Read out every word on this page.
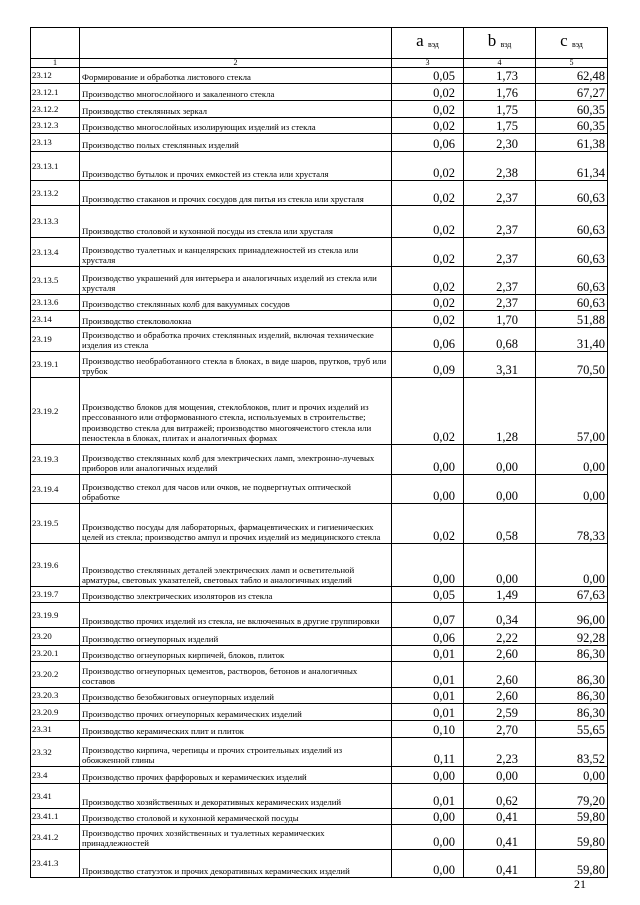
		a $_{вэд}$	b $_{вэд}$	c $_{вэд}$
1	2	3	4	5
23.12	Формирование и обработка листового стекла	0,05	1,73	62,48
23.12.1	Производство многослойного и закаленного стекла	0,02	1,76	67,27
23.12.2	Производство стеклянных зеркал	0,02	1,75	60,35
23.12.3	Производство многослойных изолирующих изделий из стекла	0,02	1,75	60,35
23.13	Производство полых стеклянных изделий	0,06	2,30	61,38
23.13.1	Производство бутылок и прочих емкостей из стекла или хрусталя	0,02	2,38	61,34
23.13.2	Производство стаканов и прочих сосудов для питья из стекла или хрусталя	0,02	2,37	60,63
23.13.3	Производство столовой и кухонной посуды из стекла или хрусталя	0,02	2,37	60,63
23.13.4	Производство туалетных и канцелярских принадлежностей из стекла или хрусталя	0,02	2,37	60,63
23.13.5	Производство украшений для интерьера и аналогичных изделий из стекла или хрусталя	0,02	2,37	60,63
23.13.6	Производство стеклянных колб для вакуумных сосудов	0,02	2,37	60,63
23.14	Производство стекловолокна	0,02	1,70	51,88
23.19	Производство и обработка прочих стеклянных изделий, включая технические изделия из стекла	0,06	0,68	31,40
23.19.1	Производство необработанного стекла в блоках, в виде шаров, прутков, труб или трубок	0,09	3,31	70,50
23.19.2	Производство блоков для мощения, стеклоблоков, плит и прочих изделий из прессованного или отформованного стекла, используемых в строительстве; производство стекла для витражей; производство многоячеистого стекла или пеностекла в блоках, плитах и аналогичных формах	0,02	1,28	57,00
23.19.3	Производство стеклянных колб для электрических ламп, электронно-лучевых приборов или аналогичных изделий	0,00	0,00	0,00
23.19.4	Производство стекол для часов или очков, не подвергнутых оптической обработке	0,00	0,00	0,00
23.19.5	Производство посуды для лабораторных, фармацевтических и гигиенических целей из стекла; производство ампул и прочих изделий из медицинского стекла	0,02	0,58	78,33
23.19.6	Производство стеклянных деталей электрических ламп и осветительной арматуры, световых указателей, световых табло и аналогичных изделий	0,00	0,00	0,00
23.19.7	Производство электрических изоляторов из стекла	0,05	1,49	67,63
23.19.9	Производство прочих изделий из стекла, не включенных в другие группировки	0,07	0,34	96,00
23.20	Производство огнеупорных изделий	0,06	2,22	92,28
23.20.1	Производство огнеупорных кирпичей, блоков, плиток	0,01	2,60	86,30
23.20.2	Производство огнеупорных цементов, растворов, бетонов и аналогичных составов	0,01	2,60	86,30
23.20.3	Производство безобжиговых огнеупорных изделий	0,01	2,60	86,30
23.20.9	Производство прочих огнеупорных керамических изделий	0,01	2,59	86,30
23.31	Производство керамических плит и плиток	0,10	2,70	55,65
23.32	Производство кирпича, черепицы и прочих строительных изделий из обожженной глины	0,11	2,23	83,52
23.4	Производство прочих фарфоровых и керамических изделий	0,00	0,00	0,00
23.41	Производство хозяйственных и декоративных керамических изделий	0,01	0,62	79,20
23.41.1	Производство столовой и кухонной керамической посуды	0,00	0,41	59,80
23.41.2	Производство прочих хозяйственных и туалетных керамических принадлежностей	0,00	0,41	59,80
23.41.3	Производство статуэток и прочих декоративных керамических изделий	0,00	0,41	59,80
21
